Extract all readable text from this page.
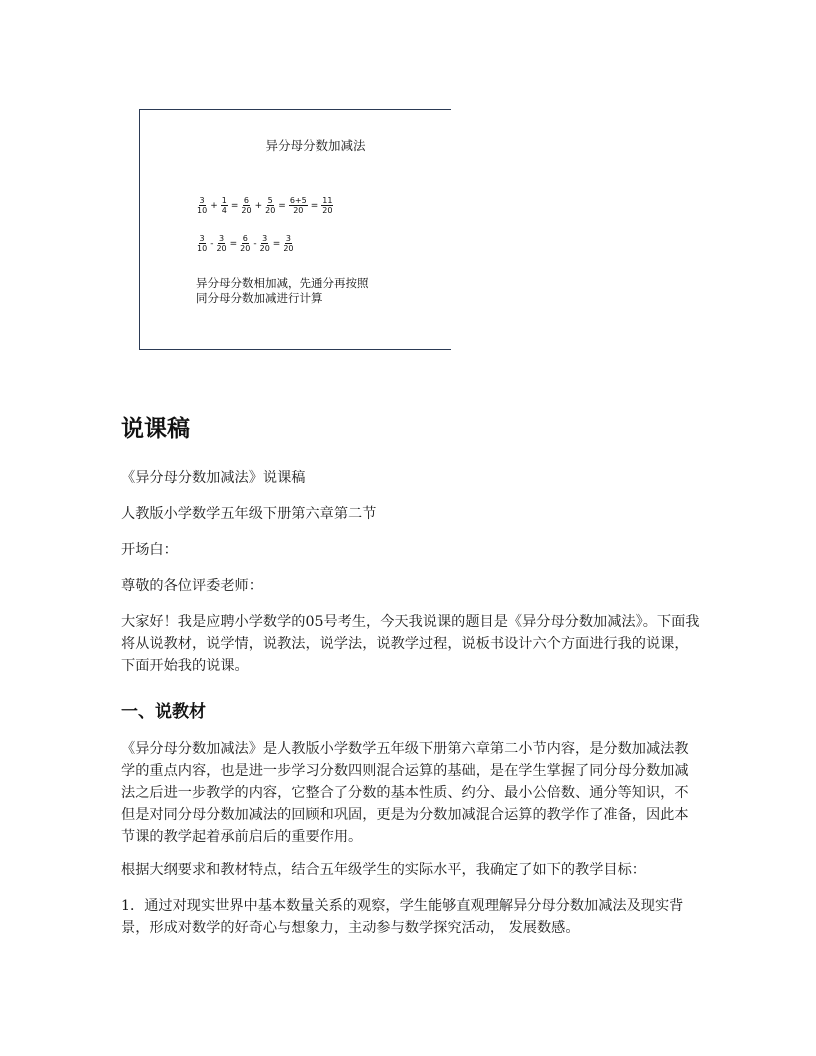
异分母分数加减法
$\frac{3}{10} + \frac{1}{4} = \frac{6}{20} + \frac{5}{20} = \frac{6+5}{20} = \frac{11}{20}$
$\frac{3}{10} - \frac{3}{20} = \frac{6}{20} - \frac{3}{20} = \frac{3}{20}$
异分母分数相加减，先通分再按照
同分母分数加减进行计算
说课稿

《异分母分数加减法》说课稿

人教版小学数学五年级下册第六章第二节

开场白：

尊敬的各位评委老师：

大家好！我是应聘小学数学的05号考生，今天我说课的题目是《异分母分数加减法》。下面我将从说教材，说学情，说教法，说学法，说教学过程，说板书设计六个方面进行我的说课，下面开始我的说课。

一、说教材

《异分母分数加减法》是人教版小学数学五年级下册第六章第二小节内容，是分数加减法教学的重点内容，也是进一步学习分数四则混合运算的基础，是在学生掌握了同分母分数加减法之后进一步教学的内容，它整合了分数的基本性质、约分、最小公倍数、通分等知识，不但是对同分母分数加减法的回顾和巩固，更是为分数加减混合运算的教学作了准备，因此本节课的教学起着承前启后的重要作用。

根据大纲要求和教材特点，结合五年级学生的实际水平，我确定了如下的教学目标：

1．通过对现实世界中基本数量关系的观察，学生能够直观理解异分母分数加减法及现实背景，形成对数学的好奇心与想象力，主动参与数学探究活动， 发展数感。
